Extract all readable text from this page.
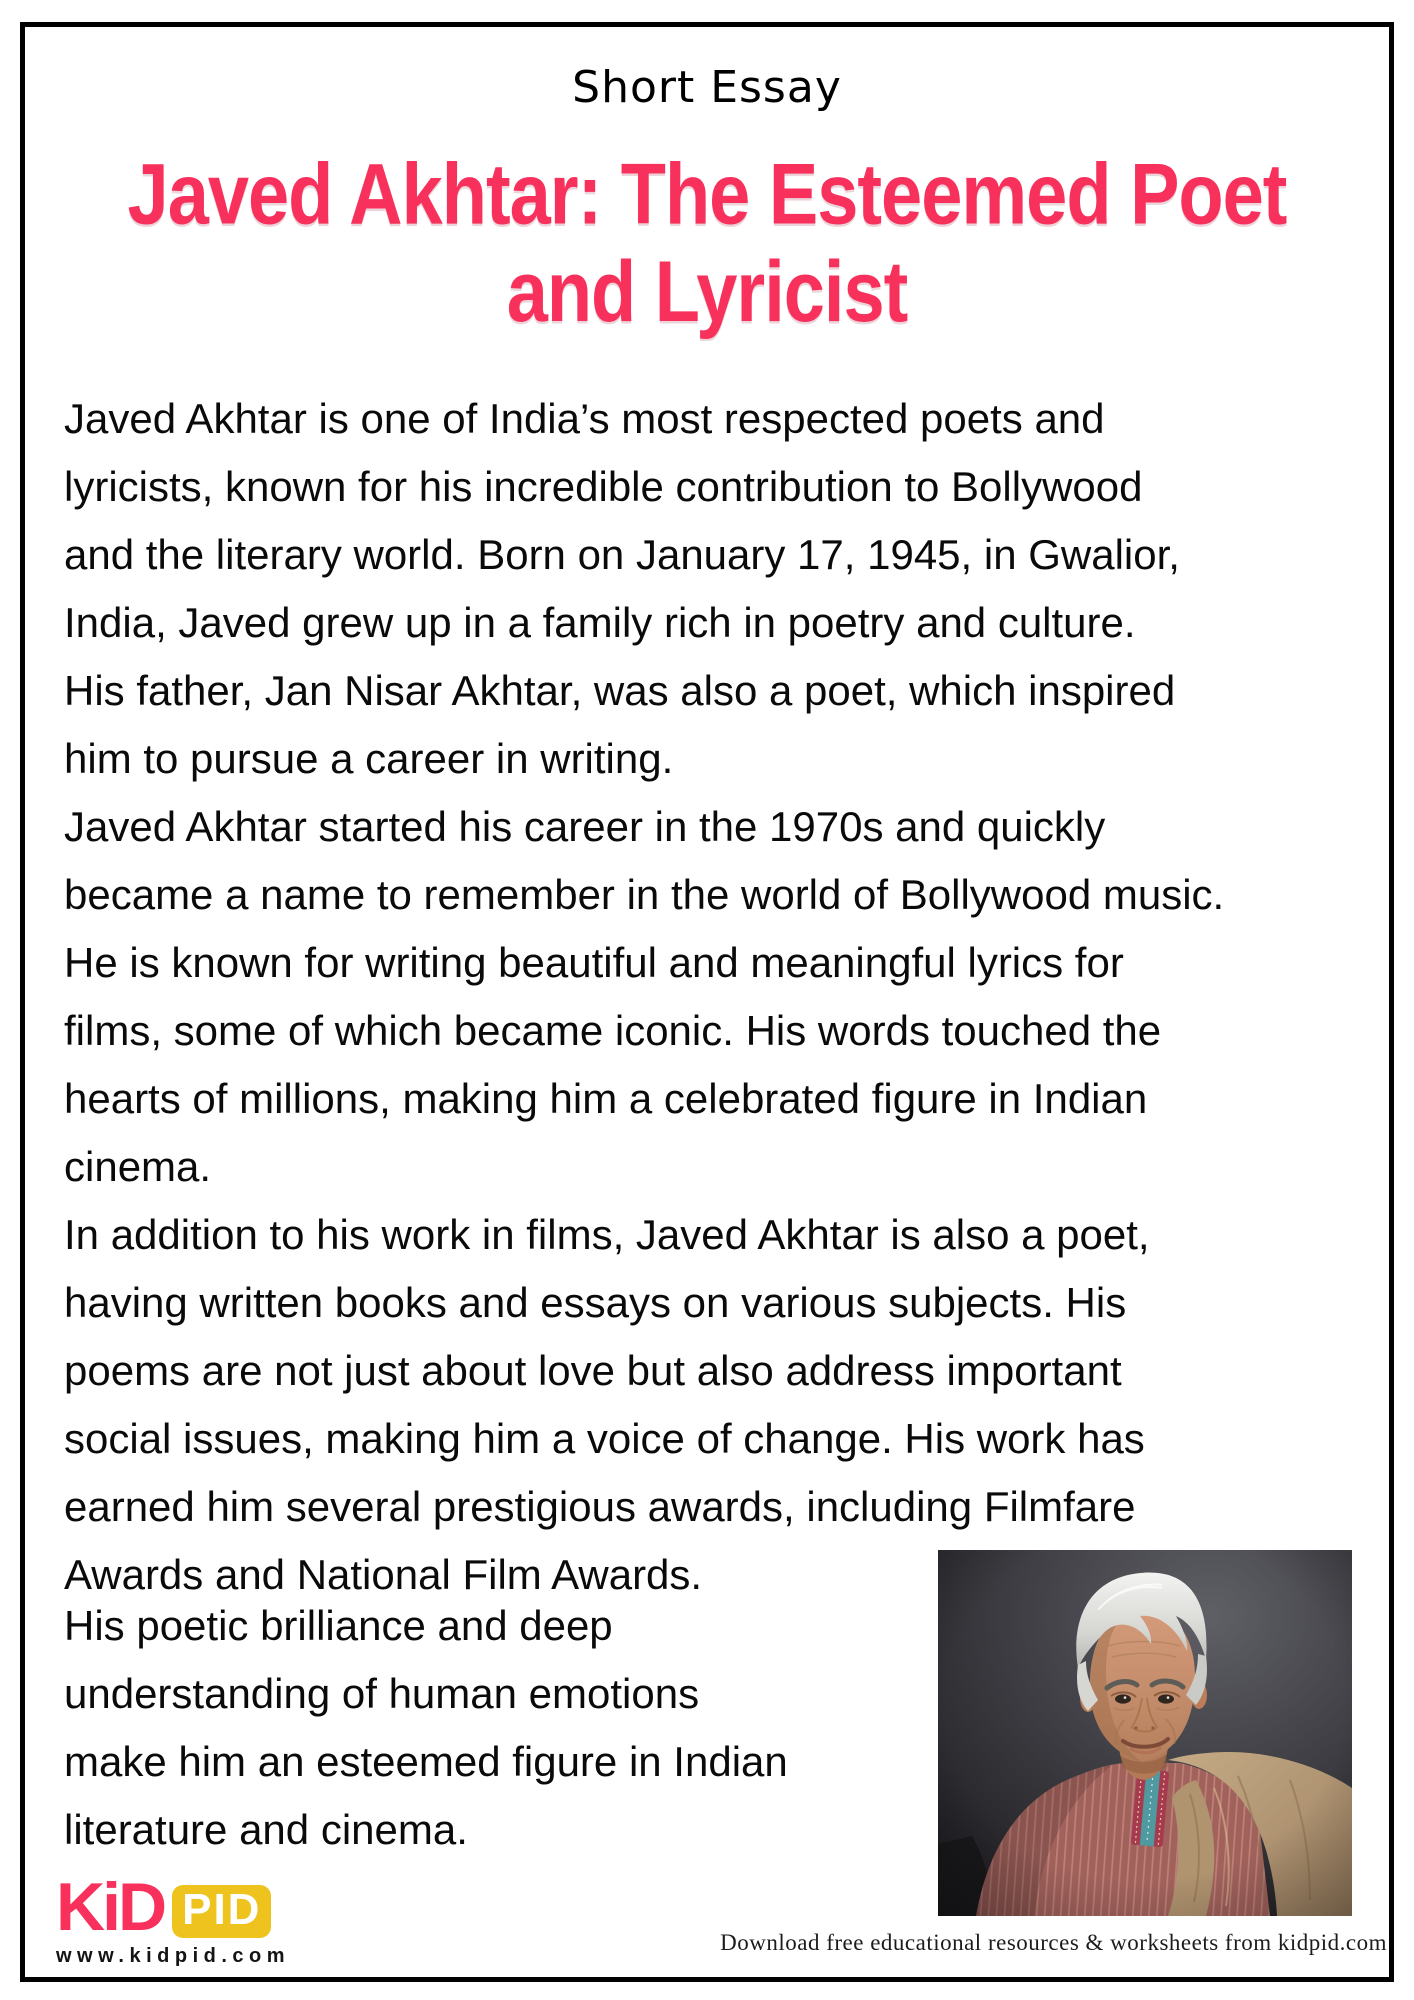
Short Essay
Javed Akhtar: The Esteemed Poet
and Lyricist
Javed Akhtar is one of India’s most respected poets and
lyricists, known for his incredible contribution to Bollywood
and the literary world. Born on January 17, 1945, in Gwalior,
India, Javed grew up in a family rich in poetry and culture.
His father, Jan Nisar Akhtar, was also a poet, which inspired
him to pursue a career in writing.
Javed Akhtar started his career in the 1970s and quickly
became a name to remember in the world of Bollywood music.
He is known for writing beautiful and meaningful lyrics for
films, some of which became iconic. His words touched the
hearts of millions, making him a celebrated figure in Indian
cinema.
In addition to his work in films, Javed Akhtar is also a poet,
having written books and essays on various subjects. His
poems are not just about love but also address important
social issues, making him a voice of change. His work has
earned him several prestigious awards, including Filmfare
Awards and National Film Awards.
His poetic brilliance and deep
understanding of human emotions
make him an esteemed figure in Indian
literature and cinema.
KiD PID
www.kidpid.com
Download free educational resources & worksheets from kidpid.com
